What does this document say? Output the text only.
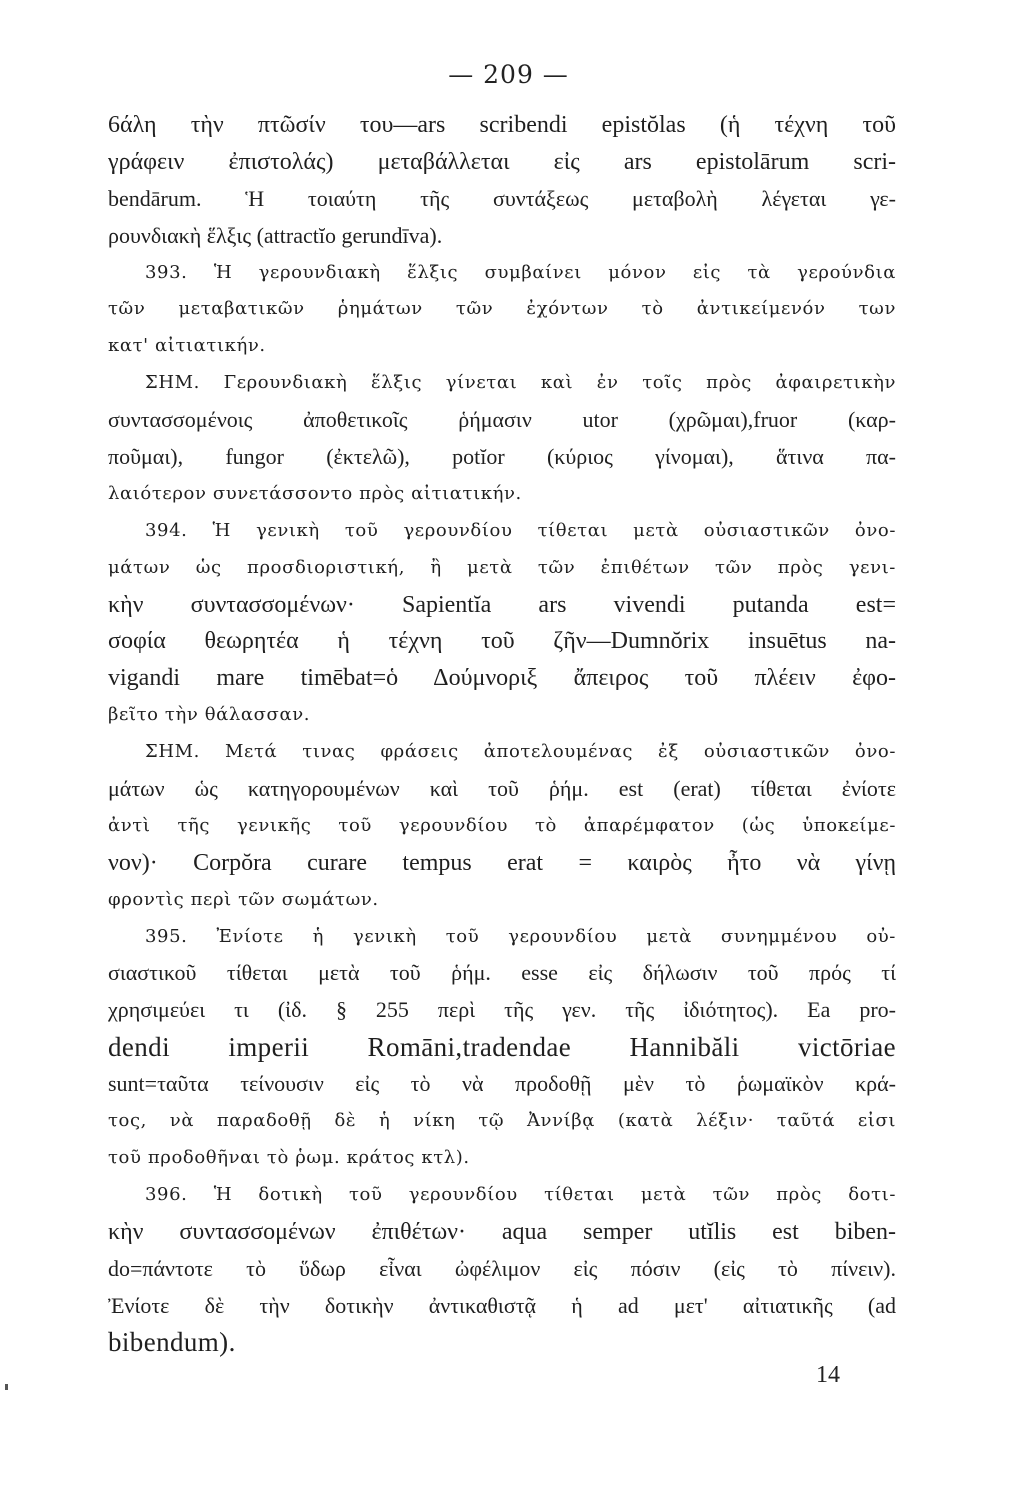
— 209 —
6άλη τὴν πτῶσίν του—ars scribendi epistŏlas (ἡ τέχνη τοῦ
γράφειν ἐπιστολάς) μεταβάλλεται εἰς ars epistolārum scri-
bendārum. Ἡ τοιαύτη τῆς συντάξεως μεταβολὴ λέγεται γε-
ρουνδιακὴ ἕλξις (attractĭo gerundīva).
393. Ἡ γερουνδιακὴ ἕλξις συμβαίνει μόνον εἰς τὰ γερούνδια
τῶν μεταβατικῶν ῥημάτων τῶν ἐχόντων τὸ ἀντικείμενόν των
κατ' αἰτιατικήν.
ΣΗΜ. Γερουνδιακὴ ἕλξις γίνεται καὶ ἐν τοῖς πρὸς ἀφαιρετικὴν
συντασσομένοις ἀποθετικοῖς ῥήμασιν utor (χρῶμαι),fruor (καρ-
ποῦμαι), fungor (ἐκτελῶ), potĭor (κύριος γίνομαι), ἅτινα πα-
λαιότερον συνετάσσοντο πρὸς αἰτιατικήν.
394. Ἡ γενικὴ τοῦ γερουνδίου τίθεται μετὰ οὐσιαστικῶν ὀνο-
μάτων ὡς προσδιοριστική, ἢ μετὰ τῶν ἐπιθέτων τῶν πρὸς γενι-
κὴν συντασσομένων· Sapientĭa ars vivendi putanda est=
σοφία θεωρητέα ἡ τέχνη τοῦ ζῆν—Dumnŏrix insuētus na-
vigandi mare timēbat=ὁ Δούμνοριξ ἄπειρος τοῦ πλέειν ἐφο-
βεῖτο τὴν θάλασσαν.
ΣΗΜ. Μετά τινας φράσεις ἀποτελουμένας ἐξ οὐσιαστικῶν ὀνο-
μάτων ὡς κατηγορουμένων καὶ τοῦ ῥήμ. est (erat) τίθεται ἐνίοτε
ἀντὶ τῆς γενικῆς τοῦ γερουνδίου τὸ ἀπαρέμφατον (ὡς ὑποκείμε-
νον)· Corpŏra curare tempus erat = καιρὸς ἦτο νὰ γίνῃ
φροντὶς περὶ τῶν σωμάτων.
395. Ἐνίοτε ἡ γενικὴ τοῦ γερουνδίου μετὰ συνημμένου οὐ-
σιαστικοῦ τίθεται μετὰ τοῦ ῥήμ. esse εἰς δήλωσιν τοῦ πρός τί
χρησιμεύει τι (ἰδ. § 255 περὶ τῆς γεν. τῆς ἰδιότητος). Ea pro-
dendi imperii Romāni,tradendae Hannibăli victōriae
sunt=ταῦτα τείνουσιν εἰς τὸ νὰ προδοθῇ μὲν τὸ ῥωμαϊκὸν κρά-
τος, νὰ παραδοθῇ δὲ ἡ νίκη τῷ Ἀννίβᾳ (κατὰ λέξιν· ταῦτά εἰσι
τοῦ προδοθῆναι τὸ ῥωμ. κράτος κτλ).
396. Ἡ δοτικὴ τοῦ γερουνδίου τίθεται μετὰ τῶν πρὸς δοτι-
κὴν συντασσομένων ἐπιθέτων· aqua semper utĭlis est biben-
do=πάντοτε τὸ ὕδωρ εἶναι ὠφέλιμον εἰς πόσιν (εἰς τὸ πίνειν).
Ἐνίοτε δὲ τὴν δοτικὴν ἀντικαθιστᾷ ἡ ad μετ' αἰτιατικῆς (ad
bibendum).
14
